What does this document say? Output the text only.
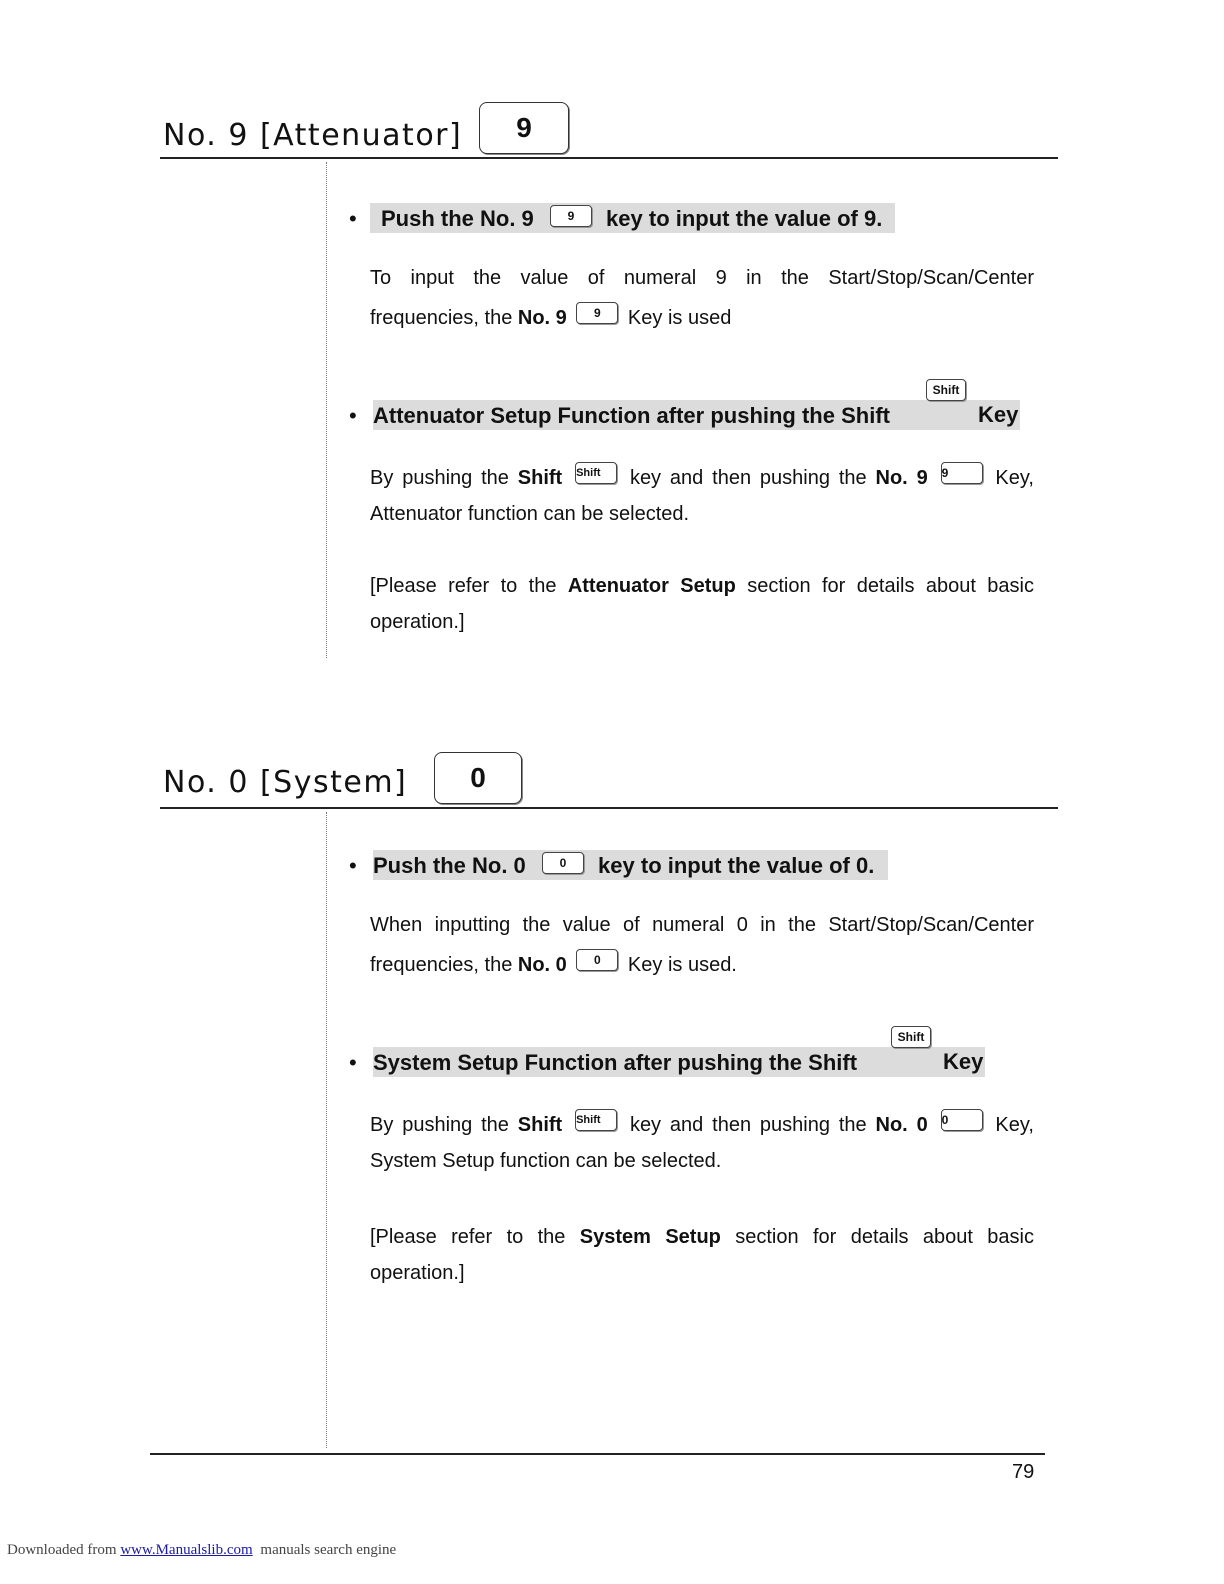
No. 9 [Attenuator] 9
•	Push the No. 9	9 key to input the value of 9.
To input the value of numeral 9 in the Start/Stop/Scan/Center
frequencies, the No. 9 9 Key is used
• Attenuator Setup Function after pushing the Shift
Shift
Key
By pushing the Shift Shift key and then pushing the No. 9 9 Key,
Attenuator function can be selected.
[Please refer to the Attenuator Setup section for details about basic
operation.]
No. 0 [System] 0
• Push the No. 0	0 key to input the value of 0.
When inputting the value of numeral 0 in the Start/Stop/Scan/Center
frequencies, the No. 0 0 Key is used.
• System Setup Function after pushing the Shift
Shift
Key
By pushing the Shift Shift key and then pushing the No. 0 0 Key,
System Setup function can be selected.
[Please refer to the System Setup section for details about basic
operation.]
79
Downloaded from www.Manualslib.com manuals search engine
